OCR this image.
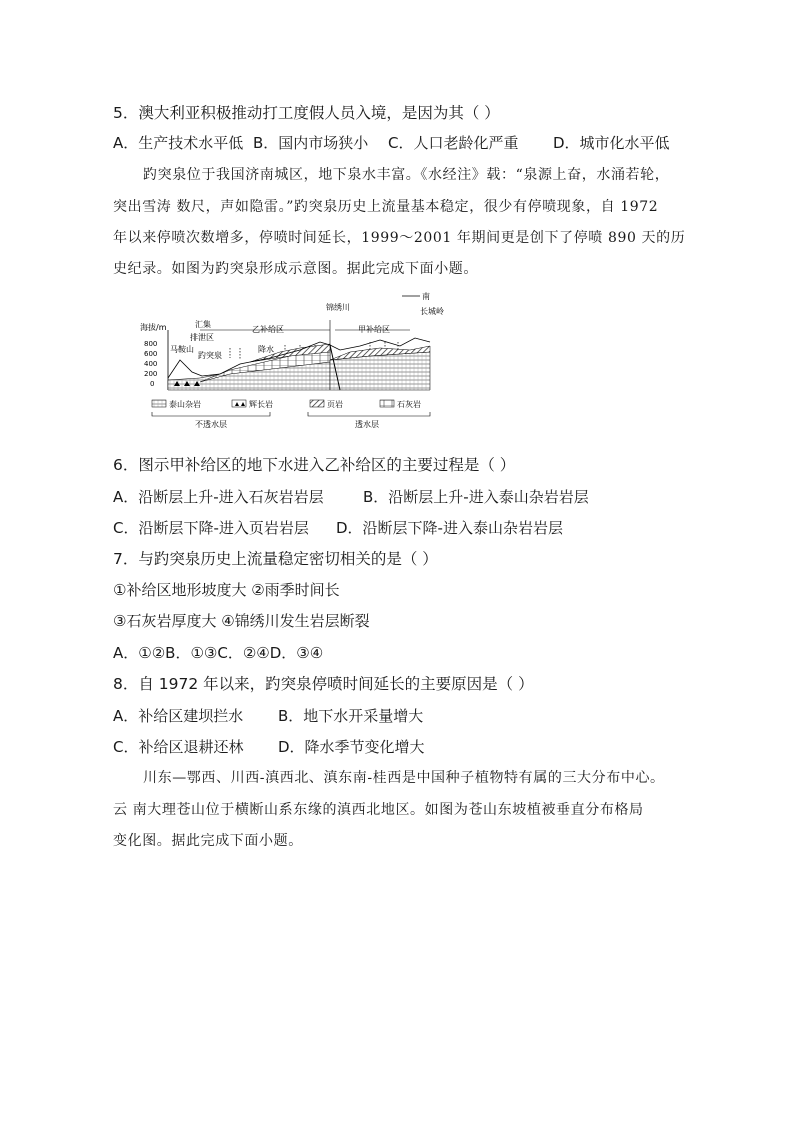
5．澳大利亚积极推动打工度假人员入境，是因为其（ ）
A．生产技术水平低 B．国内市场狭小	C．人口老龄化严重	D．城市化水平低
趵突泉位于我国济南城区，地下泉水丰富。《水经注》载：“泉源上奋，水涌若轮，
突出雪涛 数尺，声如隐雷。”趵突泉历史上流量基本稳定，很少有停喷现象，自 1972
年以来停喷次数增多，停喷时间延长，1999～2001 年期间更是创下了停喷 890 天的历
史纪录。如图为趵突泉形成示意图。据此完成下面小题。
海拔/m
800
600
400
200
0
汇集
排泄区
乙补给区	甲补给区
马鞍山
趵突泉
锦绣川
南
长城岭
降水
泰山杂岩	辉长岩	页岩	石灰岩
不透水层	透水层
6．图示甲补给区的地下水进入乙补给区的主要过程是（ ）
A．沿断层上升-进入石灰岩岩层	B．沿断层上升-进入泰山杂岩岩层
C．沿断层下降-进入页岩岩层	D．沿断层下降-进入泰山杂岩岩层
7．与趵突泉历史上流量稳定密切相关的是（ ）
①补给区地形坡度大 ②雨季时间长
③石灰岩厚度大 ④锦绣川发生岩层断裂
A．①②B．①③C．②④D．③④
8．自 1972 年以来，趵突泉停喷时间延长的主要原因是（ ）
A．补给区建坝拦水	B．地下水开采量增大
C．补给区退耕还林	D．降水季节变化增大
川东—鄂西、川西-滇西北、滇东南-桂西是中国种子植物特有属的三大分布中心。
云 南大理苍山位于横断山系东缘的滇西北地区。如图为苍山东坡植被垂直分布格局
变化图。据此完成下面小题。
